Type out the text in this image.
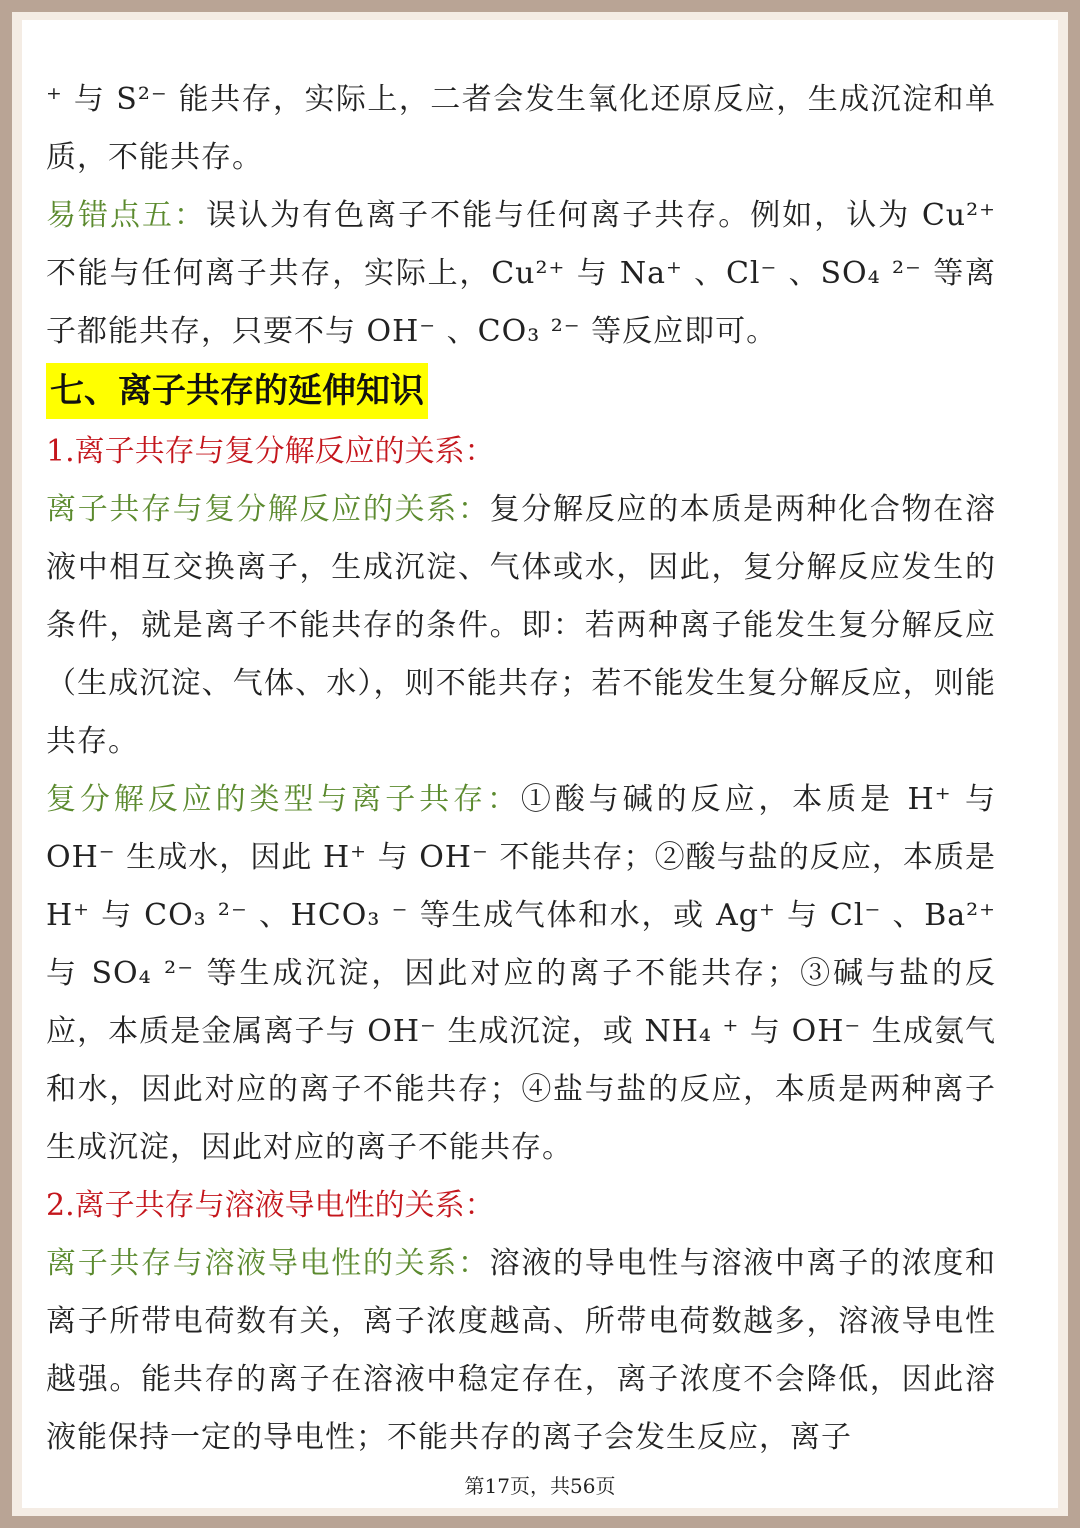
⁺ 与 S²⁻ 能共存，实际上，二者会发生氧化还原反应，生成沉淀和单质，不能共存。

易错点五：误认为有色离子不能与任何离子共存。例如，认为 Cu²⁺ 不能与任何离子共存，实际上，Cu²⁺ 与 Na⁺ 、Cl⁻ 、SO₄ ²⁻ 等离子都能共存，只要不与 OH⁻ 、CO₃ ²⁻ 等反应即可。

七、离子共存的延伸知识

1.离子共存与复分解反应的关系：

离子共存与复分解反应的关系：复分解反应的本质是两种化合物在溶液中相互交换离子，生成沉淀、气体或水，因此，复分解反应发生的条件，就是离子不能共存的条件。即：若两种离子能发生复分解反应（生成沉淀、气体、水），则不能共存；若不能发生复分解反应，则能共存。

复分解反应的类型与离子共存：①酸与碱的反应，本质是 H⁺ 与 OH⁻ 生成水，因此 H⁺ 与 OH⁻ 不能共存；②酸与盐的反应，本质是 H⁺ 与 CO₃ ²⁻ 、HCO₃ ⁻ 等生成气体和水，或 Ag⁺ 与 Cl⁻ 、Ba²⁺ 与 SO₄ ²⁻ 等生成沉淀，因此对应的离子不能共存；③碱与盐的反应，本质是金属离子与 OH⁻ 生成沉淀，或 NH₄ ⁺ 与 OH⁻ 生成氨气和水，因此对应的离子不能共存；④盐与盐的反应，本质是两种离子生成沉淀，因此对应的离子不能共存。

2.离子共存与溶液导电性的关系：

离子共存与溶液导电性的关系：溶液的导电性与溶液中离子的浓度和离子所带电荷数有关，离子浓度越高、所带电荷数越多，溶液导电性越强。能共存的离子在溶液中稳定存在，离子浓度不会降低，因此溶液能保持一定的导电性；不能共存的离子会发生反应，离子

第17页，共56页
